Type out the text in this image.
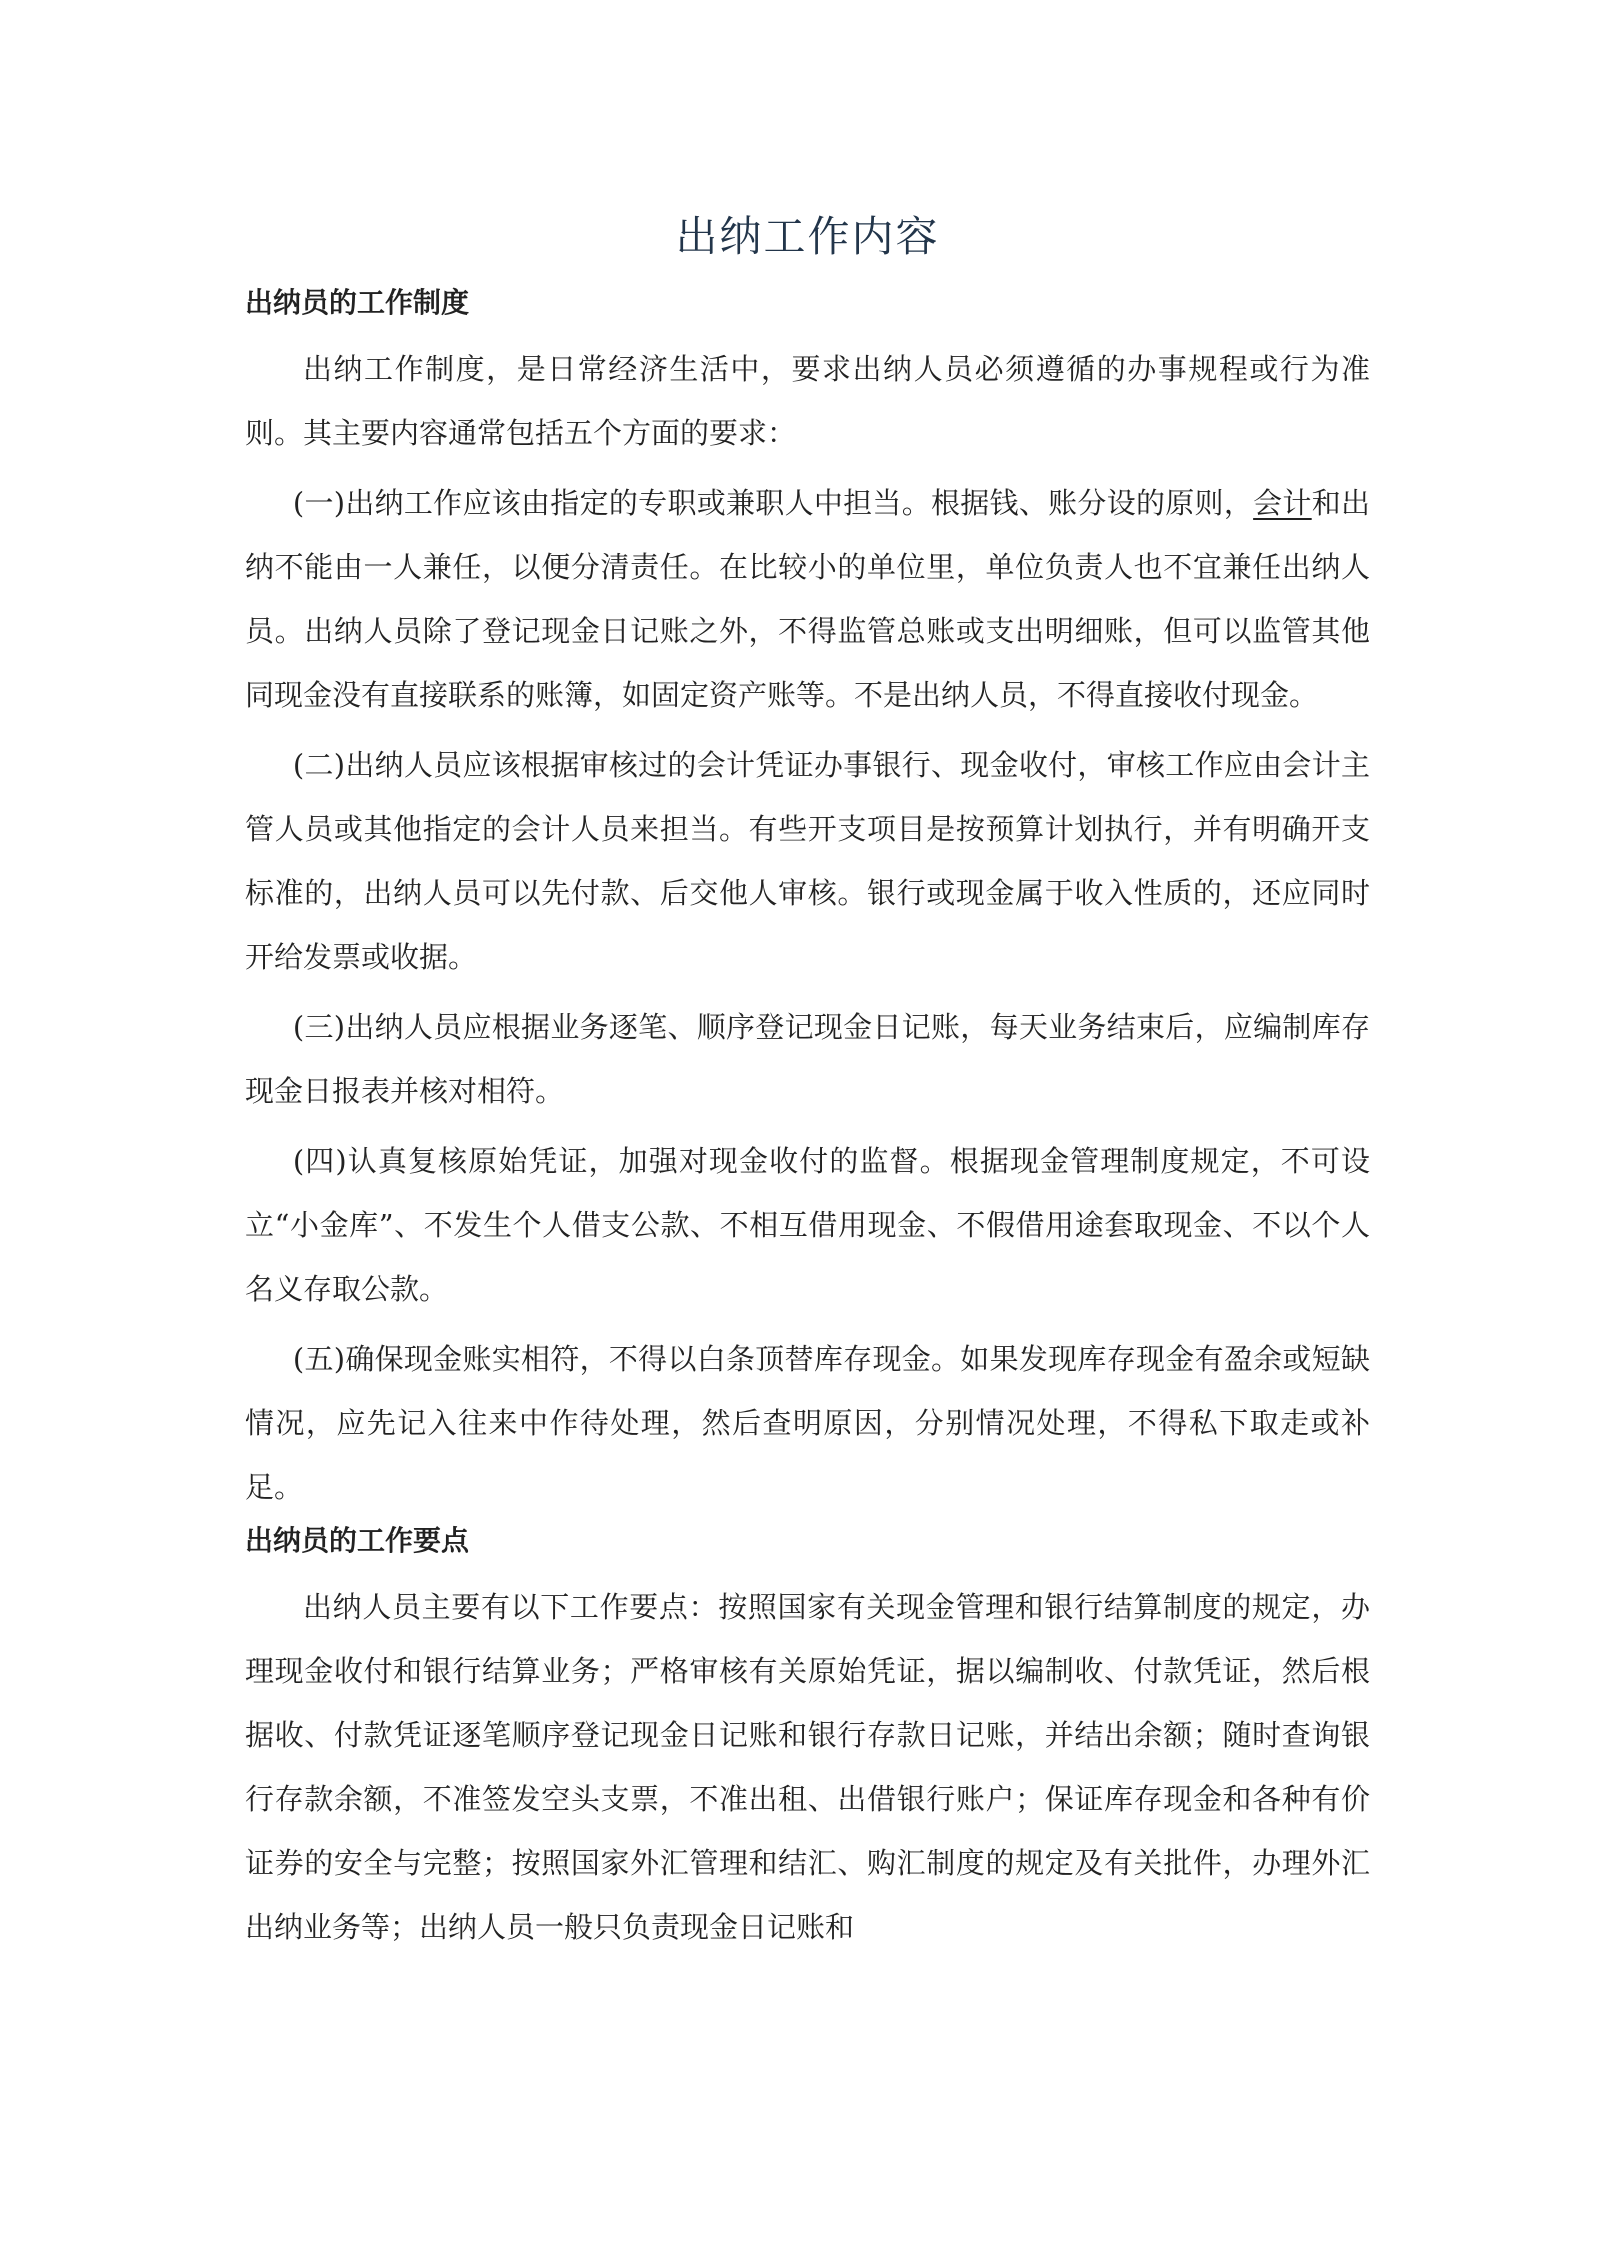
出纳工作内容
出纳员的工作制度

出纳工作制度，是日常经济生活中，要求出纳人员必须遵循的办事规程或行为准则。其主要内容通常包括五个方面的要求：

(一)出纳工作应该由指定的专职或兼职人中担当。根据钱、账分设的原则，会计和出纳不能由一人兼任，以便分清责任。在比较小的单位里，单位负责人也不宜兼任出纳人员。出纳人员除了登记现金日记账之外，不得监管总账或支出明细账，但可以监管其他同现金没有直接联系的账簿，如固定资产账等。不是出纳人员，不得直接收付现金。

(二)出纳人员应该根据审核过的会计凭证办事银行、现金收付，审核工作应由会计主管人员或其他指定的会计人员来担当。有些开支项目是按预算计划执行，并有明确开支标准的，出纳人员可以先付款、后交他人审核。银行或现金属于收入性质的，还应同时开给发票或收据。

(三)出纳人员应根据业务逐笔、顺序登记现金日记账，每天业务结束后，应编制库存现金日报表并核对相符。

(四)认真复核原始凭证，加强对现金收付的监督。根据现金管理制度规定，不可设立“小金库”、不发生个人借支公款、不相互借用现金、不假借用途套取现金、不以个人名义存取公款。

(五)确保现金账实相符，不得以白条顶替库存现金。如果发现库存现金有盈余或短缺情况，应先记入往来中作待处理，然后查明原因，分别情况处理，不得私下取走或补足。

出纳员的工作要点

出纳人员主要有以下工作要点：按照国家有关现金管理和银行结算制度的规定，办理现金收付和银行结算业务；严格审核有关原始凭证，据以编制收、付款凭证，然后根据收、付款凭证逐笔顺序登记现金日记账和银行存款日记账，并结出余额；随时查询银行存款余额，不准签发空头支票，不准出租、出借银行账户；保证库存现金和各种有价证券的安全与完整；按照国家外汇管理和结汇、购汇制度的规定及有关批件，办理外汇出纳业务等；出纳人员一般只负责现金日记账和
